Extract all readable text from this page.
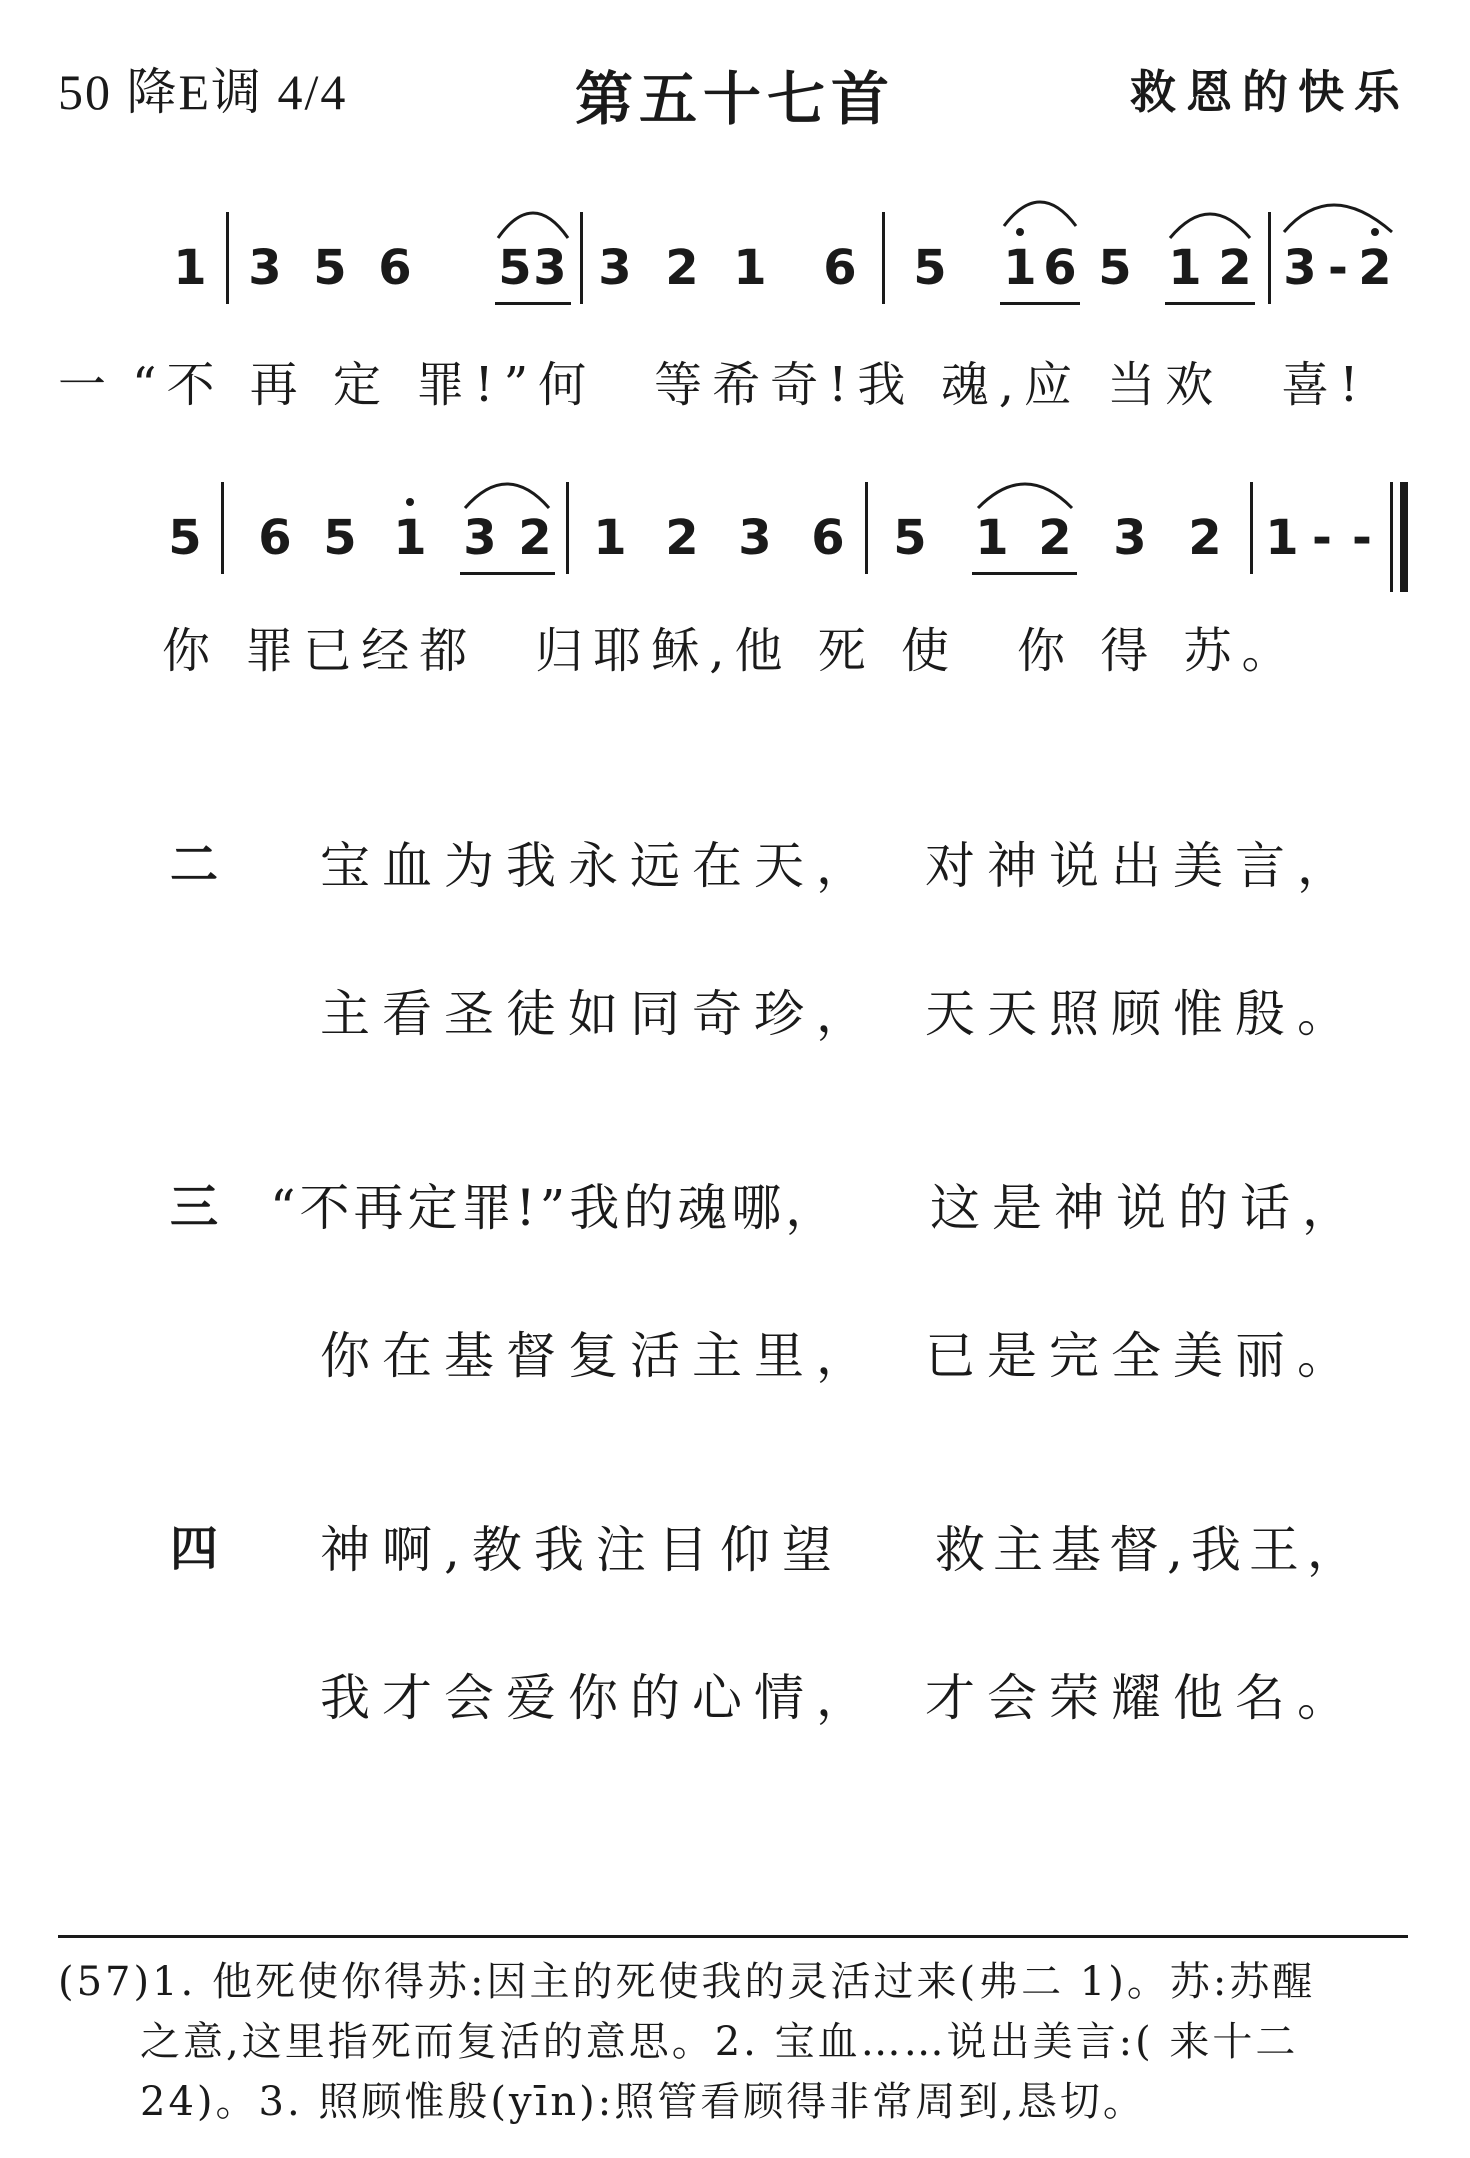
50 降E调 4/4	第五十七首	救恩的快乐
1 3 5 6 5 3 3 2 1 6 5 1 6 5 1 2 3 - 2
一 “不 再 定 罪!”何　等希奇!我 魂,应 当欢　喜!
5 6 5 1 3 2 1 2 3 6 5 1 2 3 2 1 - -
你 罪已经都　归耶稣,他 死 使　你 得 苏。
二 宝血为我永远在天， 对神说出美言，
主看圣徒如同奇珍， 天天照顾惟殷。
三 “不再定罪!”我的魂哪， 这是神说的话，
你在基督复活主里， 已是完全美丽。
四 神啊,教我注目仰望 救主基督,我王，
我才会爱你的心情， 才会荣耀他名。
(57)1. 他死使你得苏:因主的死使我的灵活过来(弗二 1)。苏:苏醒
之意,这里指死而复活的意思。2. 宝血……说出美言:( 来十二
24)。3. 照顾惟殷(yīn):照管看顾得非常周到,恳切。
